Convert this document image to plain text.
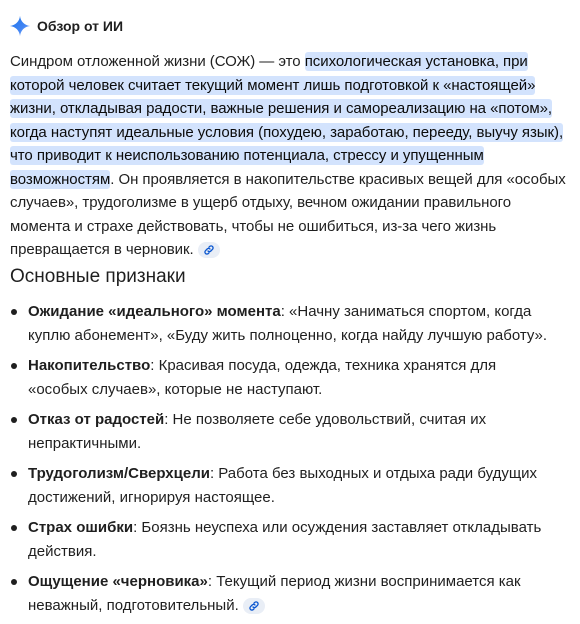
Обзор от ИИ
Синдром отложенной жизни (СОЖ) — это психологическая установка, при которой человек считает текущий момент лишь подготовкой к «настоящей» жизни, откладывая радости, важные решения и самореализацию на «потом», когда наступят идеальные условия (похудею, заработаю, перееду, выучу язык), что приводит к неиспользованию потенциала, стрессу и упущенным возможностям. Он проявляется в накопительстве красивых вещей для «особых случаев», трудоголизме в ущерб отдыху, вечном ожидании правильного момента и страхе действовать, чтобы не ошибиться, из-за чего жизнь превращается в черновик.
Основные признаки
Ожидание «идеального» момента: «Начну заниматься спортом, когда куплю абонемент», «Буду жить полноценно, когда найду лучшую работу».
Накопительство: Красивая посуда, одежда, техника хранятся для «особых случаев», которые не наступают.
Отказ от радостей: Не позволяете себе удовольствий, считая их непрактичными.
Трудоголизм/Сверхцели: Работа без выходных и отдыха ради будущих достижений, игнорируя настоящее.
Страх ошибки: Боязнь неуспеха или осуждения заставляет откладывать действия.
Ощущение «черновика»: Текущий период жизни воспринимается как неважный, подготовительный.
